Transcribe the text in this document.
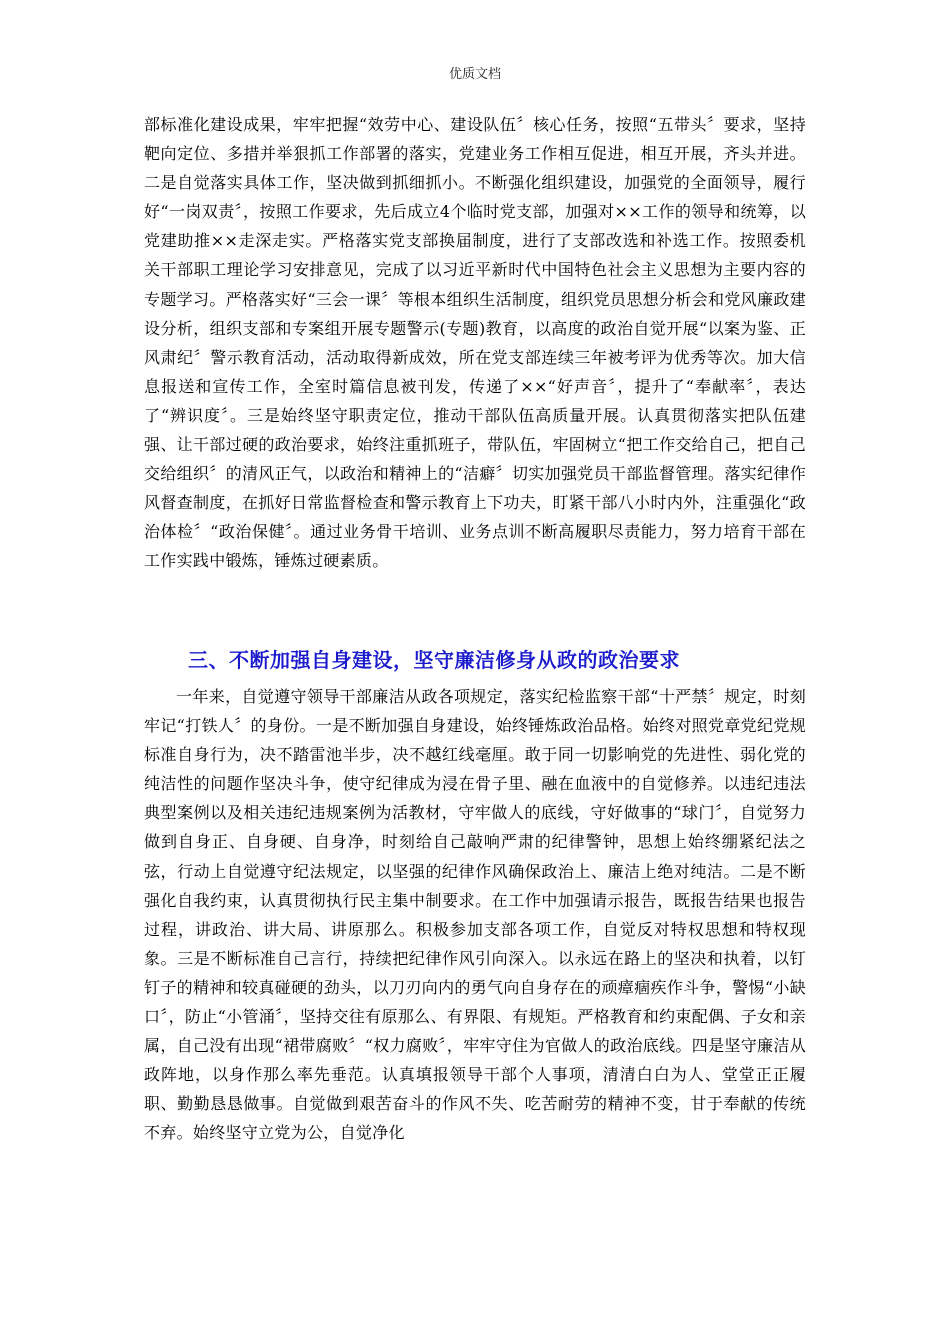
优质文档

部标准化建设成果，牢牢把握“效劳中心、建设队伍〞核心任务，按照“五带头〞要求，坚持靶向定位、多措并举狠抓工作部署的落实，党建业务工作相互促进，相互开展，齐头并进。二是自觉落实具体工作，坚决做到抓细抓小。不断强化组织建设，加强党的全面领导，履行好“一岗双责〞，按照工作要求，先后成立4个临时党支部，加强对××工作的领导和统筹，以党建助推××走深走实。严格落实党支部换届制度，进行了支部改选和补选工作。按照委机关干部职工理论学习安排意见，完成了以习近平新时代中国特色社会主义思想为主要内容的专题学习。严格落实好“三会一课〞等根本组织生活制度，组织党员思想分析会和党风廉政建设分析，组织支部和专案组开展专题警示(专题)教育，以高度的政治自觉开展“以案为鉴、正风肃纪〞警示教育活动，活动取得新成效，所在党支部连续三年被考评为优秀等次。加大信息报送和宣传工作，全室时篇信息被刊发，传递了××“好声音〞，提升了“奉献率〞，表达了“辨识度〞。三是始终坚守职责定位，推动干部队伍高质量开展。认真贯彻落实把队伍建强、让干部过硬的政治要求，始终注重抓班子，带队伍，牢固树立“把工作交给自己，把自己交给组织〞的清风正气，以政治和精神上的“洁癖〞切实加强党员干部监督管理。落实纪律作风督查制度，在抓好日常监督检查和警示教育上下功夫，盯紧干部八小时内外，注重强化“政治体检〞“政治保健〞。通过业务骨干培训、业务点训不断高履职尽责能力，努力培育干部在工作实践中锻炼，锤炼过硬素质。

三、不断加强自身建设，坚守廉洁修身从政的政治要求

一年来，自觉遵守领导干部廉洁从政各项规定，落实纪检监察干部“十严禁〞规定，时刻牢记“打铁人〞的身份。一是不断加强自身建设，始终锤炼政治品格。始终对照党章党纪党规标准自身行为，决不踏雷池半步，决不越红线毫厘。敢于同一切影响党的先进性、弱化党的纯洁性的问题作坚决斗争，使守纪律成为浸在骨子里、融在血液中的自觉修养。以违纪违法典型案例以及相关违纪违规案例为活教材，守牢做人的底线，守好做事的“球门〞，自觉努力做到自身正、自身硬、自身净，时刻给自己敲响严肃的纪律警钟，思想上始终绷紧纪法之弦，行动上自觉遵守纪法规定，以坚强的纪律作风确保政治上、廉洁上绝对纯洁。二是不断强化自我约束，认真贯彻执行民主集中制要求。在工作中加强请示报告，既报告结果也报告过程，讲政治、讲大局、讲原那么。积极参加支部各项工作，自觉反对特权思想和特权现象。三是不断标准自己言行，持续把纪律作风引向深入。以永远在路上的坚决和执着，以钉钉子的精神和较真碰硬的劲头，以刀刃向内的勇气向自身存在的顽瘴痼疾作斗争，警惕“小缺口〞，防止“小管涌〞，坚持交往有原那么、有界限、有规矩。严格教育和约束配偶、子女和亲属，自己没有出现“裙带腐败〞“权力腐败〞，牢牢守住为官做人的政治底线。四是坚守廉洁从政阵地，以身作那么率先垂范。认真填报领导干部个人事项，清清白白为人、堂堂正正履职、勤勤恳恳做事。自觉做到艰苦奋斗的作风不失、吃苦耐劳的精神不变，甘于奉献的传统不弃。始终坚守立党为公，自觉净化
